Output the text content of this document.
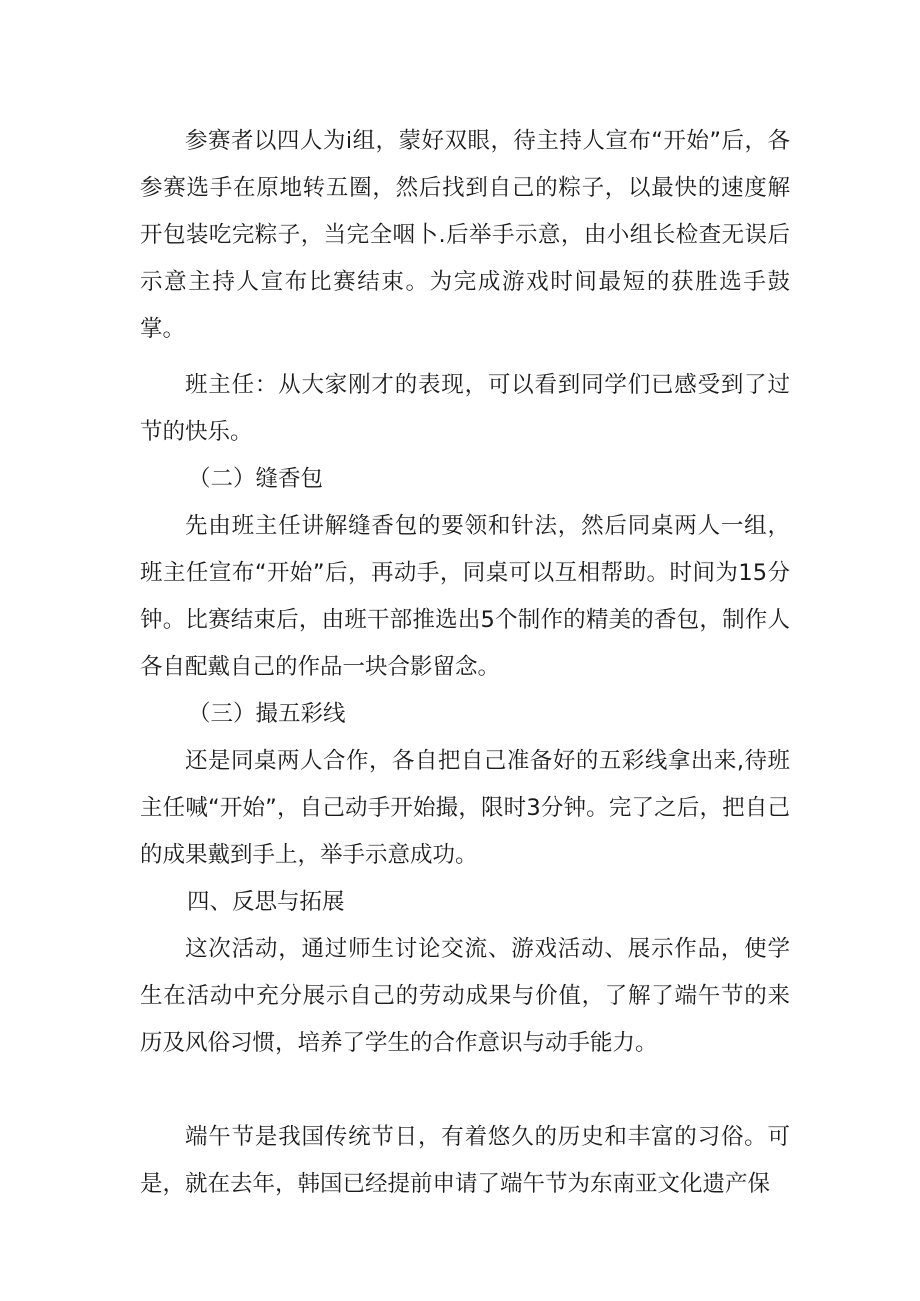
参赛者以四人为i组，蒙好双眼，待主持人宣布“开始”后，各参赛选手在原地转五圈，然后找到自己的粽子，以最快的速度解开包装吃完粽子，当完全咽卜.后举手示意，由小组长检查无误后示意主持人宣布比赛结束。为完成游戏时间最短的获胜选手鼓掌。

班主任：从大家刚才的表现，可以看到同学们已感受到了过节的快乐。

（二）缝香包

先由班主任讲解缝香包的要领和针法，然后同桌两人一组，班主任宣布“开始”后，再动手，同桌可以互相帮助。时间为15分钟。比赛结束后，由班干部推选出5个制作的精美的香包，制作人各自配戴自己的作品一块合影留念。

（三）撮五彩线

还是同桌两人合作，各自把自己准备好的五彩线拿出来,待班主任喊“开始”，自己动手开始撮，限时3分钟。完了之后，把自己的成果戴到手上，举手示意成功。

四、反思与拓展

这次活动，通过师生讨论交流、游戏活动、展示作品，使学生在活动中充分展示自己的劳动成果与价值，了解了端午节的来历及风俗习惯，培养了学生的合作意识与动手能力。

端午节是我国传统节日，有着悠久的历史和丰富的习俗。可是，就在去年，韩国已经提前申请了端午节为东南亚文化遗产保
